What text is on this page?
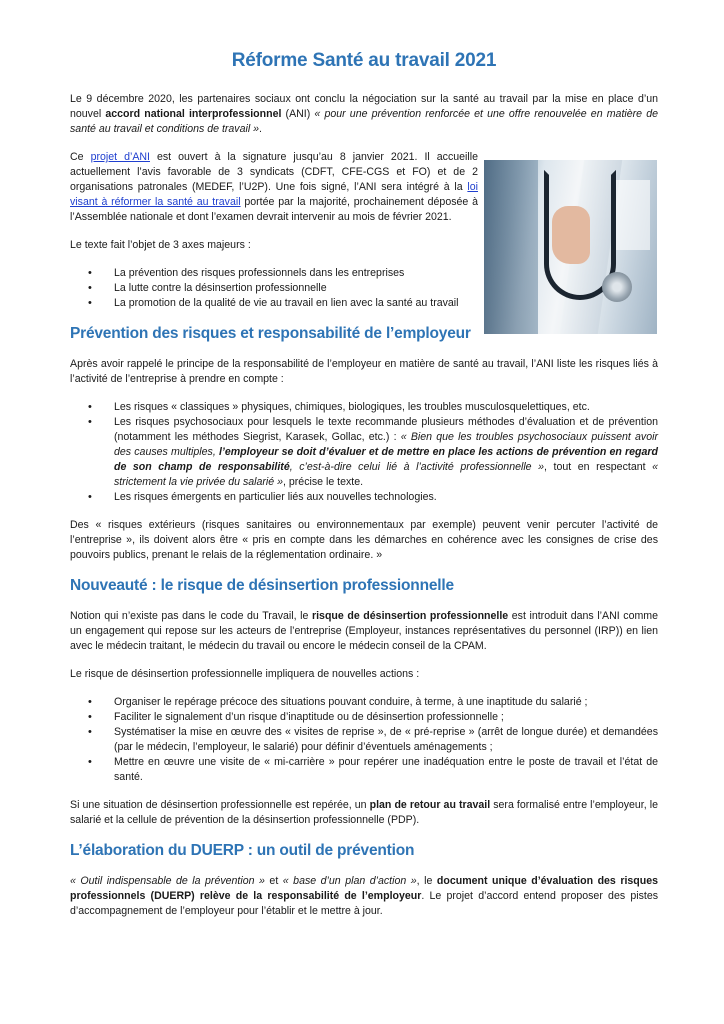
Réforme Santé au travail 2021

Le 9 décembre 2020, les partenaires sociaux ont conclu la négociation sur la santé au travail par la mise en place d’un nouvel accord national interprofessionnel (ANI) « pour une prévention renforcée et une offre renouvelée en matière de santé au travail et conditions de travail ».

Ce projet d’ANI est ouvert à la signature jusqu’au 8 janvier 2021. Il accueille actuellement l’avis favorable de 3 syndicats (CDFT, CFE-CGS et FO) et de 2 organisations patronales (MEDEF, l’U2P). Une fois signé, l’ANI sera intégré à la loi visant à réformer la santé au travail portée par la majorité, prochainement déposée à l’Assemblée nationale et dont l’examen devrait intervenir au mois de février 2021.

Le texte fait l’objet de 3 axes majeurs :

• La prévention des risques professionnels dans les entreprises
• La lutte contre la désinsertion professionnelle
• La promotion de la qualité de vie au travail en lien avec la santé au travail
Prévention des risques et responsabilité de l’employeur

Après avoir rappelé le principe de la responsabilité de l’employeur en matière de santé au travail, l’ANI liste les risques liés à l’activité de l’entreprise à prendre en compte :

• Les risques « classiques » physiques, chimiques, biologiques, les troubles musculosquelettiques, etc.
• Les risques psychosociaux pour lesquels le texte recommande plusieurs méthodes d’évaluation et de prévention (notamment les méthodes Siegrist, Karasek, Gollac, etc.) : « Bien que les troubles psychosociaux puissent avoir des causes multiples, l’employeur se doit d’évaluer et de mettre en place les actions de prévention en regard de son champ de responsabilité, c’est-à-dire celui lié à l’activité professionnelle », tout en respectant « strictement la vie privée du salarié », précise le texte.
• Les risques émergents en particulier liés aux nouvelles technologies.

Des « risques extérieurs (risques sanitaires ou environnementaux par exemple) peuvent venir percuter l’activité de l’entreprise », ils doivent alors être « pris en compte dans les démarches en cohérence avec les consignes de crise des pouvoirs publics, prenant le relais de la réglementation ordinaire. »

Nouveauté : le risque de désinsertion professionnelle

Notion qui n’existe pas dans le code du Travail, le risque de désinsertion professionnelle est introduit dans l’ANI comme un engagement qui repose sur les acteurs de l’entreprise (Employeur, instances représentatives du personnel (IRP)) en lien avec le médecin traitant, le médecin du travail ou encore le médecin conseil de la CPAM.

Le risque de désinsertion professionnelle impliquera de nouvelles actions :

• Organiser le repérage précoce des situations pouvant conduire, à terme, à une inaptitude du salarié ;
• Faciliter le signalement d’un risque d’inaptitude ou de désinsertion professionnelle ;
• Systématiser la mise en œuvre des « visites de reprise », de « pré-reprise » (arrêt de longue durée) et demandées (par le médecin, l’employeur, le salarié) pour définir d’éventuels aménagements ;
• Mettre en œuvre une visite de « mi-carrière » pour repérer une inadéquation entre le poste de travail et l’état de santé.

Si une situation de désinsertion professionnelle est repérée, un plan de retour au travail sera formalisé entre l’employeur, le salarié et la cellule de prévention de la désinsertion professionnelle (PDP).

L’élaboration du DUERP : un outil de prévention

« Outil indispensable de la prévention » et « base d’un plan d’action », le document unique d’évaluation des risques professionnels (DUERP) relève de la responsabilité de l’employeur. Le projet d’accord entend proposer des pistes d’accompagnement de l’employeur pour l’établir et le mettre à jour.
